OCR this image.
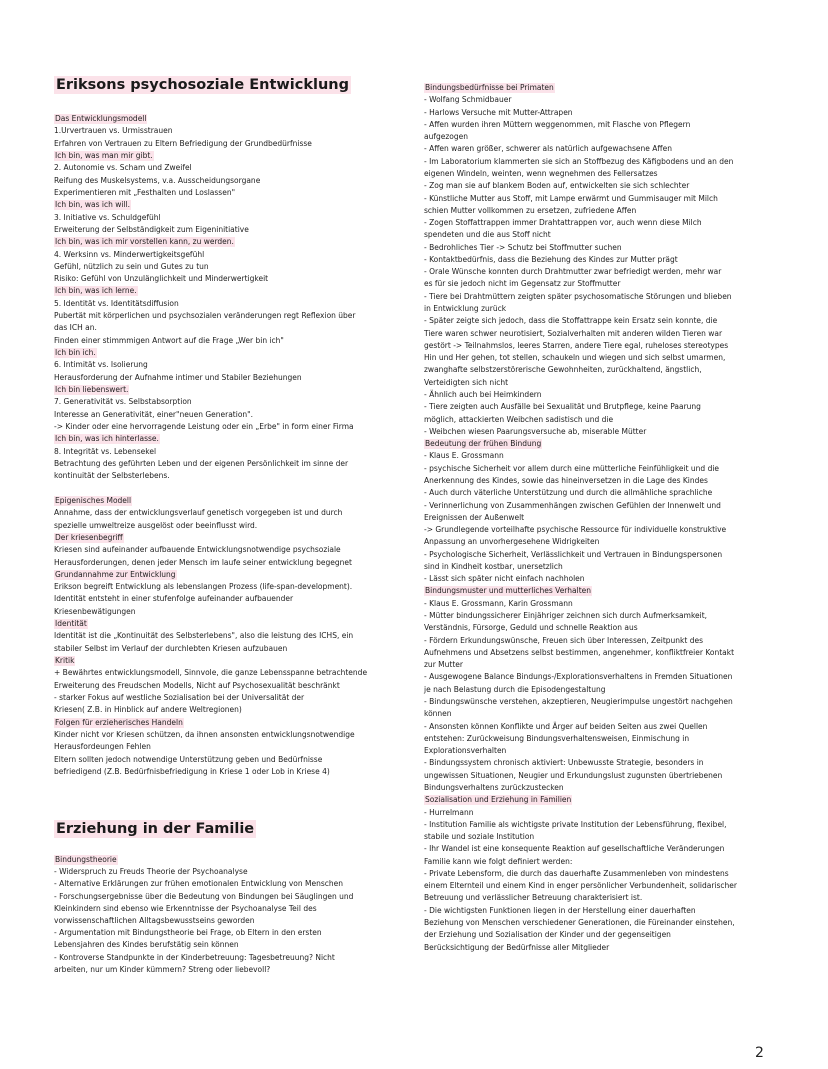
Eriksons psychosoziale Entwicklung
Das Entwicklungsmodell
1.Urvertrauen vs. Urmisstrauen
Erfahren von Vertrauen zu Eltern Befriedigung der Grundbedürfnisse
Ich bin, was man mir gibt.
2. Autonomie vs. Scham und Zweifel
Reifung des Muskelsystems, v.a. Ausscheidungsorgane
Experimentieren mit „Festhalten und Loslassen"
Ich bin, was ich will.
3. Initiative vs. Schuldgefühl
Erweiterung der Selbständigkeit zum Eigeninitiative
Ich bin, was ich mir vorstellen kann, zu werden.
4. Werksinn vs. Minderwertigkeitsgefühl
Gefühl, nützlich zu sein und Gutes zu tun
Risiko: Gefühl von Unzulänglichkeit und Minderwertigkeit
Ich bin, was ich lerne.
5. Identität vs. Identitätsdiffusion
Pubertät mit körperlichen und psychsozialen veränderungen regt Reflexion über
das ICH an.
Finden einer stimmmigen Antwort auf die Frage „Wer bin ich"
Ich bin ich.
6. Intimität vs. Isolierung
Herausforderung der Aufnahme intimer und Stabiler Beziehungen
Ich bin liebenswert.
7. Generativität vs. Selbstabsorption
Interesse an Generativität, einer"neuen Generation".
-> Kinder oder eine hervorragende Leistung oder ein „Erbe" in form einer Firma
Ich bin, was ich hinterlasse.
8. Integrität vs. Lebensekel
Betrachtung des geführten Leben und der eigenen Persönlichkeit im sinne der
kontinuität der Selbsterlebens.
Epigenisches Modell
Annahme, dass der entwicklungsverlauf genetisch vorgegeben ist und durch
spezielle umweltreize ausgelöst oder beeinflusst wird.
Der kriesenbegriff
Kriesen sind aufeinander aufbauende Entwicklungsnotwendige psychsoziale
Herausforderungen, denen jeder Mensch im laufe seiner entwicklung begegnet
Grundannahme zur Entwicklung
Erikson begreift Entwicklung als lebenslangen Prozess (life-span-development).
Identität entsteht in einer stufenfolge aufeinander aufbauender
Kriesenbewätigungen
Identität
Identität ist die „Kontinuität des Selbsterlebens", also die leistung des ICHS, ein
stabiler Selbst im Verlauf der durchlebten Kriesen aufzubauen
Kritik
+ Bewährtes entwicklungsmodell, Sinnvole, die ganze Lebensspanne betrachtende
Erweiterung des Freudschen Modells, Nicht auf Psychosexualität beschränkt
- starker Fokus auf westliche Sozialisation bei der Universalität der
Kriesen( Z.B. in Hinblick auf andere Weltregionen)
Folgen für erzieherisches Handeln
Kinder nicht vor Kriesen schützen, da ihnen ansonsten entwicklungsnotwendige
Herausfordeungen Fehlen
Eltern sollten jedoch notwendige Unterstützung geben und Bedürfnisse
befriedigend (Z.B. Bedürfnisbefriedigung in Kriese 1 oder Lob in Kriese 4)
Erziehung in der Familie
Bindungstheorie
- Widerspruch zu Freuds Theorie der Psychoanalyse
- Alternative Erklärungen zur frühen emotionalen Entwicklung von Menschen
- Forschungsergebnisse über die Bedeutung von Bindungen bei Säuglingen und
Kleinkindern sind ebenso wie Erkenntnisse der Psychoanalyse Teil des
vorwissenschaftlichen Alltagsbewusstseins geworden
- Argumentation mit Bindungstheorie bei Frage, ob Eltern in den ersten
Lebensjahren des Kindes berufstätig sein können
- Kontroverse Standpunkte in der Kinderbetreuung: Tagesbetreuung? Nicht
arbeiten, nur um Kinder kümmern? Streng oder liebevoll?
Bindungsbedürfnisse bei Primaten
- Wolfang Schmidbauer
- Harlows Versuche mit Mutter-Attrapen
- Affen wurden ihren Müttern weggenommen, mit Flasche von Pflegern
aufgezogen
- Affen waren größer, schwerer als natürlich aufgewachsene Affen
- Im Laboratorium klammerten sie sich an Stoffbezug des Käfigbodens und an den
eigenen Windeln, weinten, wenn wegnehmen des Fellersatzes
- Zog man sie auf blankem Boden auf, entwickelten sie sich schlechter
- Künstliche Mutter aus Stoff, mit Lampe erwärmt und Gummisauger mit Milch
schien Mutter vollkommen zu ersetzen, zufriedene Affen
- Zogen Stoffattrappen immer Drahtattrappen vor, auch wenn diese Milch
spendeten und die aus Stoff nicht
- Bedrohliches Tier -> Schutz bei Stoffmutter suchen
- Kontaktbedürfnis, dass die Beziehung des Kindes zur Mutter prägt
- Orale Wünsche konnten durch Drahtmutter zwar befriedigt werden, mehr war
es für sie jedoch nicht im Gegensatz zur Stoffmutter
- Tiere bei Drahtmüttern zeigten später psychosomatische Störungen und blieben
in Entwicklung zurück
- Später zeigte sich jedoch, dass die Stoffattrappe kein Ersatz sein konnte, die
Tiere waren schwer neurotisiert, Sozialverhalten mit anderen wilden Tieren war
gestört -> Teilnahmslos, leeres Starren, andere Tiere egal, ruheloses stereotypes
Hin und Her gehen, tot stellen, schaukeln und wiegen und sich selbst umarmen,
zwanghafte selbstzerstörerische Gewohnheiten, zurückhaltend, ängstlich,
Verteidigten sich nicht
- Ähnlich auch bei Heimkindern
- Tiere zeigten auch Ausfälle bei Sexualität und Brutpflege, keine Paarung
möglich, attackierten Weibchen sadistisch und die
- Weibchen wiesen Paarungsversuche ab, miserable Mütter
Bedeutung der frühen Bindung
- Klaus E. Grossmann
- psychische Sicherheit vor allem durch eine mütterliche Feinfühligkeit und die
Anerkennung des Kindes, sowie das hineinversetzen in die Lage des Kindes
- Auch durch väterliche Unterstützung und durch die allmähliche sprachliche
- Verinnerlichung von Zusammenhängen zwischen Gefühlen der Innenwelt und
Ereignissen der Außenwelt
-> Grundlegende vorteilhafte psychische Ressource für individuelle konstruktive
Anpassung an unvorhergesehene Widrigkeiten
- Psychologische Sicherheit, Verlässlichkeit und Vertrauen in Bindungspersonen
sind in Kindheit kostbar, unersetzlich
- Lässt sich später nicht einfach nachholen
Bindungsmuster und mutterliches Verhalten
- Klaus E. Grossmann, Karin Grossmann
- Mütter bindungssicherer Einjähriger zeichnen sich durch Aufmerksamkeit,
Verständnis, Fürsorge, Geduld und schnelle Reaktion aus
- Fördern Erkundungswünsche, Freuen sich über Interessen, Zeitpunkt des
Aufnehmens und Absetzens selbst bestimmen, angenehmer, konfliktfreier Kontakt
zur Mutter
- Ausgewogene Balance Bindungs-/Explorationsverhaltens in Fremden Situationen
je nach Belastung durch die Episodengestaltung
- Bindungswünsche verstehen, akzeptieren, Neugierimpulse ungestört nachgehen
können
- Ansonsten können Konflikte und Ärger auf beiden Seiten aus zwei Quellen
entstehen: Zurückweisung Bindungsverhaltensweisen, Einmischung in
Explorationsverhalten
- Bindungssystem chronisch aktiviert: Unbewusste Strategie, besonders in
ungewissen Situationen, Neugier und Erkundungslust zugunsten übertriebenen
Bindungsverhaltens zurückzustecken
Sozialisation und Erziehung in Familien
- Hurrelmann
- Institution Familie als wichtigste private Institution der Lebensführung, flexibel,
stabile und soziale Institution
- Ihr Wandel ist eine konsequente Reaktion auf gesellschaftliche Veränderungen
Familie kann wie folgt definiert werden:
- Private Lebensform, die durch das dauerhafte Zusammenleben von mindestens
einem Elternteil und einem Kind in enger persönlicher Verbundenheit, solidarischer
Betreuung und verlässlicher Betreuung charakterisiert ist.
- Die wichtigsten Funktionen liegen in der Herstellung einer dauerhaften
Beziehung von Menschen verschiedener Generationen, die Füreinander einstehen,
der Erziehung und Sozialisation der Kinder und der gegenseitigen
Berücksichtigung der Bedürfnisse aller Mitglieder
2
